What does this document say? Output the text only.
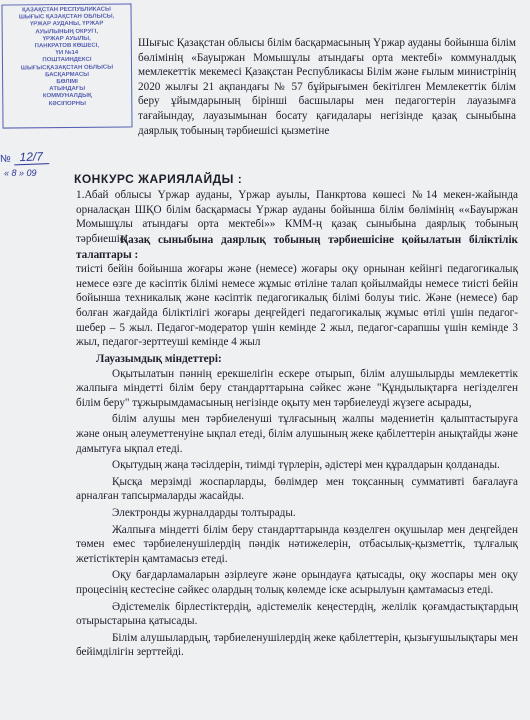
ҚАЗАҚСТАН РЕСПУБЛИКАСЫ
ШЫҒЫС ҚАЗАҚСТАН ОБЛЫСЫ,
ҮРЖАР АУДАНЫ, ҮРЖАР
АУЫЛЫНЫҢ ОКРУГІ,
ҮРЖАР АУЫЛЫ,
ПАНКРАТОВ КӨШЕСІ,
ҮЙ №14
ПОШТАИНДЕКСІ
ШЫҒЫСҚАЗАҚСТАН ОБЛЫСЫ
БАСҚАРМАСЫ
БӨЛІМІ
АТЫНДАҒЫ
КОММУНАЛДЫҚ
КӘСІПОРНЫ
№ 12/7
« 8 » 09

Шығыс Қазақстан облысы білім басқармасының Үржар ауданы бойынша білім бөлімінің «Бауыржан Момышұлы атындағы орта мектебі» коммуналдық мемлекеттік мекемесі Қазақстан Республикасы Білім және ғылым министрінің 2020 жылғы 21 ақпандағы № 57 бұйрығымен бекітілген Мемлекеттік білім беру ұйымдарының бірінші басшылары мен педагогтерін лауазымға тағайындау, лауазымынан босату қағидалары негізінде қазақ сыныбына даярлық тобының тәрбиешісі қызметіне

КОНКУРС ЖАРИЯЛАЙДЫ :

1.Абай облысы Үржар ауданы, Үржар ауылы, Панкртова көшесі №14 мекен-жайында орналасқан ШҚО білім басқармасы Үржар ауданы бойынша білім бөлімінің ««Бауыржан Момышұлы атындағы орта мектебі»» КММ-ң қазақ сыныбына даярлық тобының тәрбиешісі.

Қазақ сыныбына даярлық тобының тәрбиешісіне қойылатын біліктілік талаптары :

тиісті бейін бойынша жоғары және (немесе) жоғары оқу орнынан кейінгі педагогикалық немесе өзге де кәсіптік білімі немесе жұмыс өтіліне талап қойылмайды немесе тиісті бейін бойынша техникалық және кәсіптік педагогикалық білімі болуы тиіс. Және (немесе) бар болған жағдайда біліктілігі жоғары деңгейдегі педагогикалық жұмыс өтілі үшін педагог-шебер – 5 жыл. Педагог-модератор үшін кемінде 2 жыл, педагог-сарапшы үшін кемінде 3 жыл, педагог-зерттеуші кемінде 4 жыл

Лауазымдық міндеттері:

Оқытылатын пәннің ерекшеліґін ескере отырып, білім алушылырды мемлекеттік жалпыға міндетті білім беру стандарттарына сәйкес және "Құндылықтарға негізделген білім беру" тұжырымдамасының негізінде оқыту мен тәрбиелеуді жүзеге асырады,

білім алушы мен тәрбиеленуші тұлғасының жалпы мәдениетін қалыптастыруға және оның әлеуметтенуіне ықпал етеді, білім алушының жеке қабілеттерін анықтайды және дамытуға ықпал етеді.

Оқытудың жаңа тәсілдерін, тиімді түрлерін, әдістері мен құралдарын қолданады.

Қысқа мерзімді жоспарларды, бөлімдер мен тоқсанның суммативті бағалауға арналған тапсырмаларды жасайды.

Электронды журналдарды толтырады.

Жалпыға міндетті білім беру стандарттарында көзделген оқушылар мен деңгейден төмен емес тәрбиеленушілердің пәндік нәтижелерін, отбасылық-қызметтік, тұлғалық жетістіктерін қамтамасыз етеді.

Оқу бағдарламаларын әзірлеуге және орындауға қатысады, оқу жоспары мен оқу процесінің кестесіне сәйкес олардың толық көлемде іске асырылуын қамтамасыз етеді.

Әдістемелік бірлестіктердің, әдістемелік кеңестердің, желілік қоғамдастықтардың отырыстарына қатысады.

Білім алушылардың, тәрбиеленушілердің жеке қабілеттерін, қызығушылықтары мен бейімділігін зерттейді.
